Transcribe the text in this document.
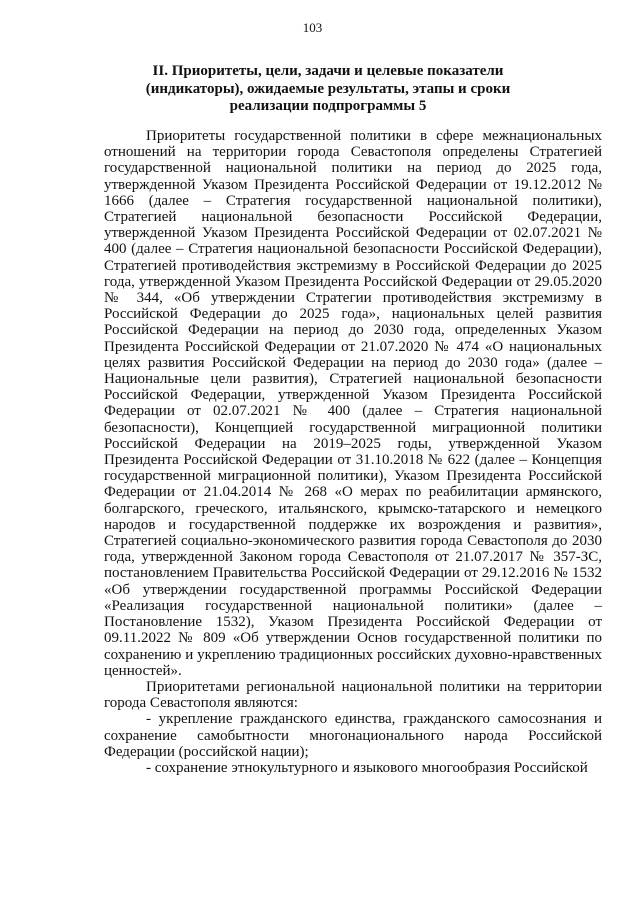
103
II. Приоритеты, цели, задачи и целевые показатели (индикаторы), ожидаемые результаты, этапы и сроки реализации подпрограммы 5

Приоритеты государственной политики в сфере межнациональных отношений на территории города Севастополя определены Стратегией государственной национальной политики на период до 2025 года, утвержденной Указом Президента Российской Федерации от 19.12.2012 № 1666 (далее – Стратегия государственной национальной политики), Стратегией национальной безопасности Российской Федерации, утвержденной Указом Президента Российской Федерации от 02.07.2021 № 400 (далее – Стратегия национальной безопасности Российской Федерации), Стратегией противодействия экстремизму в Российской Федерации до 2025 года, утвержденной Указом Президента Российской Федерации от 29.05.2020 № 344, «Об утверждении Стратегии противодействия экстремизму в Российской Федерации до 2025 года», национальных целей развития Российской Федерации на период до 2030 года, определенных Указом Президента Российской Федерации от 21.07.2020 № 474 «О национальных целях развития Российской Федерации на период до 2030 года» (далее – Национальные цели развития), Стратегией национальной безопасности Российской Федерации, утвержденной Указом Президента Российской Федерации от 02.07.2021 № 400 (далее – Стратегия национальной безопасности), Концепцией государственной миграционной политики Российской Федерации на 2019–2025 годы, утвержденной Указом Президента Российской Федерации от 31.10.2018 № 622 (далее – Концепция государственной миграционной политики), Указом Президента Российской Федерации от 21.04.2014 № 268 «О мерах по реабилитации армянского, болгарского, греческого, итальянского, крымско-татарского и немецкого народов и государственной поддержке их возрождения и развития», Стратегией социально-экономического развития города Севастополя до 2030 года, утвержденной Законом города Севастополя от 21.07.2017 № 357-ЗС, постановлением Правительства Российской Федерации от 29.12.2016 № 1532 «Об утверждении государственной программы Российской Федерации «Реализация государственной национальной политики» (далее – Постановление 1532), Указом Президента Российской Федерации от 09.11.2022 № 809 «Об утверждении Основ государственной политики по сохранению и укреплению традиционных российских духовно-нравственных ценностей».

Приоритетами региональной национальной политики на территории города Севастополя являются:

- укрепление гражданского единства, гражданского самосознания и сохранение самобытности многонационального народа Российской Федерации (российской нации);

- сохранение этнокультурного и языкового многообразия Российской
